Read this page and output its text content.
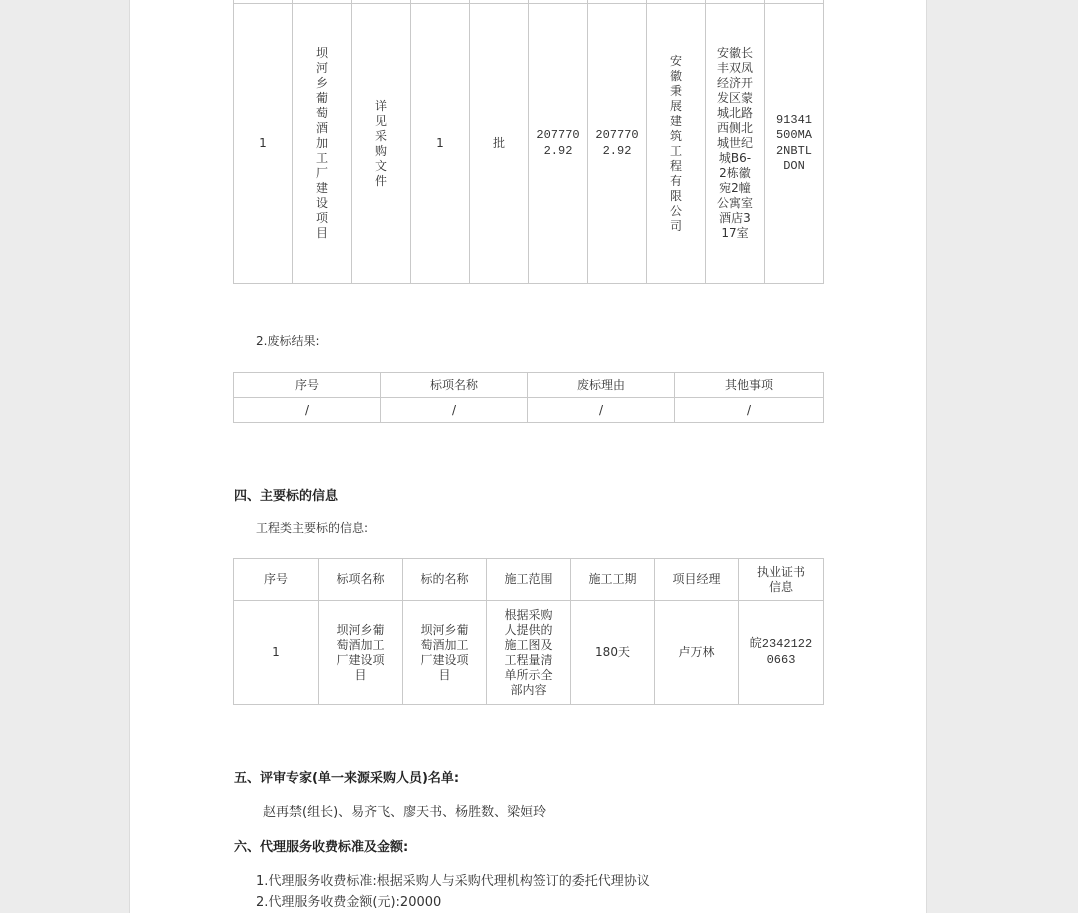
1	坝河乡葡萄酒加工厂建设项目	详见采购文件	1	批	2077702.92	2077702.92	安徽秉展建筑工程有限公司	安徽长丰双凤经济开发区蒙城北路西侧北城世纪城B6-2栋徽宛2幢公寓室酒店317室	91341500MA2NBTLDON
2.废标结果:
序号	标项名称	废标理由	其他事项
/	/	/	/
四、主要标的信息
工程类主要标的信息:
序号	标项名称	标的名称	施工范围	施工工期	项目经理	执业证书信息
1	坝河乡葡萄酒加工厂建设项目	坝河乡葡萄酒加工厂建设项目	根据采购人提供的施工图及工程量清单所示全部内容	180天	卢万林	皖23421220663
五、评审专家(单一来源采购人员)名单:
赵再禁(组长)、易齐飞、廖天书、杨胜数、梁姮玲
六、代理服务收费标准及金额:
1.代理服务收费标准:根据采购人与采购代理机构签订的委托代理协议
2.代理服务收费金额(元):20000
